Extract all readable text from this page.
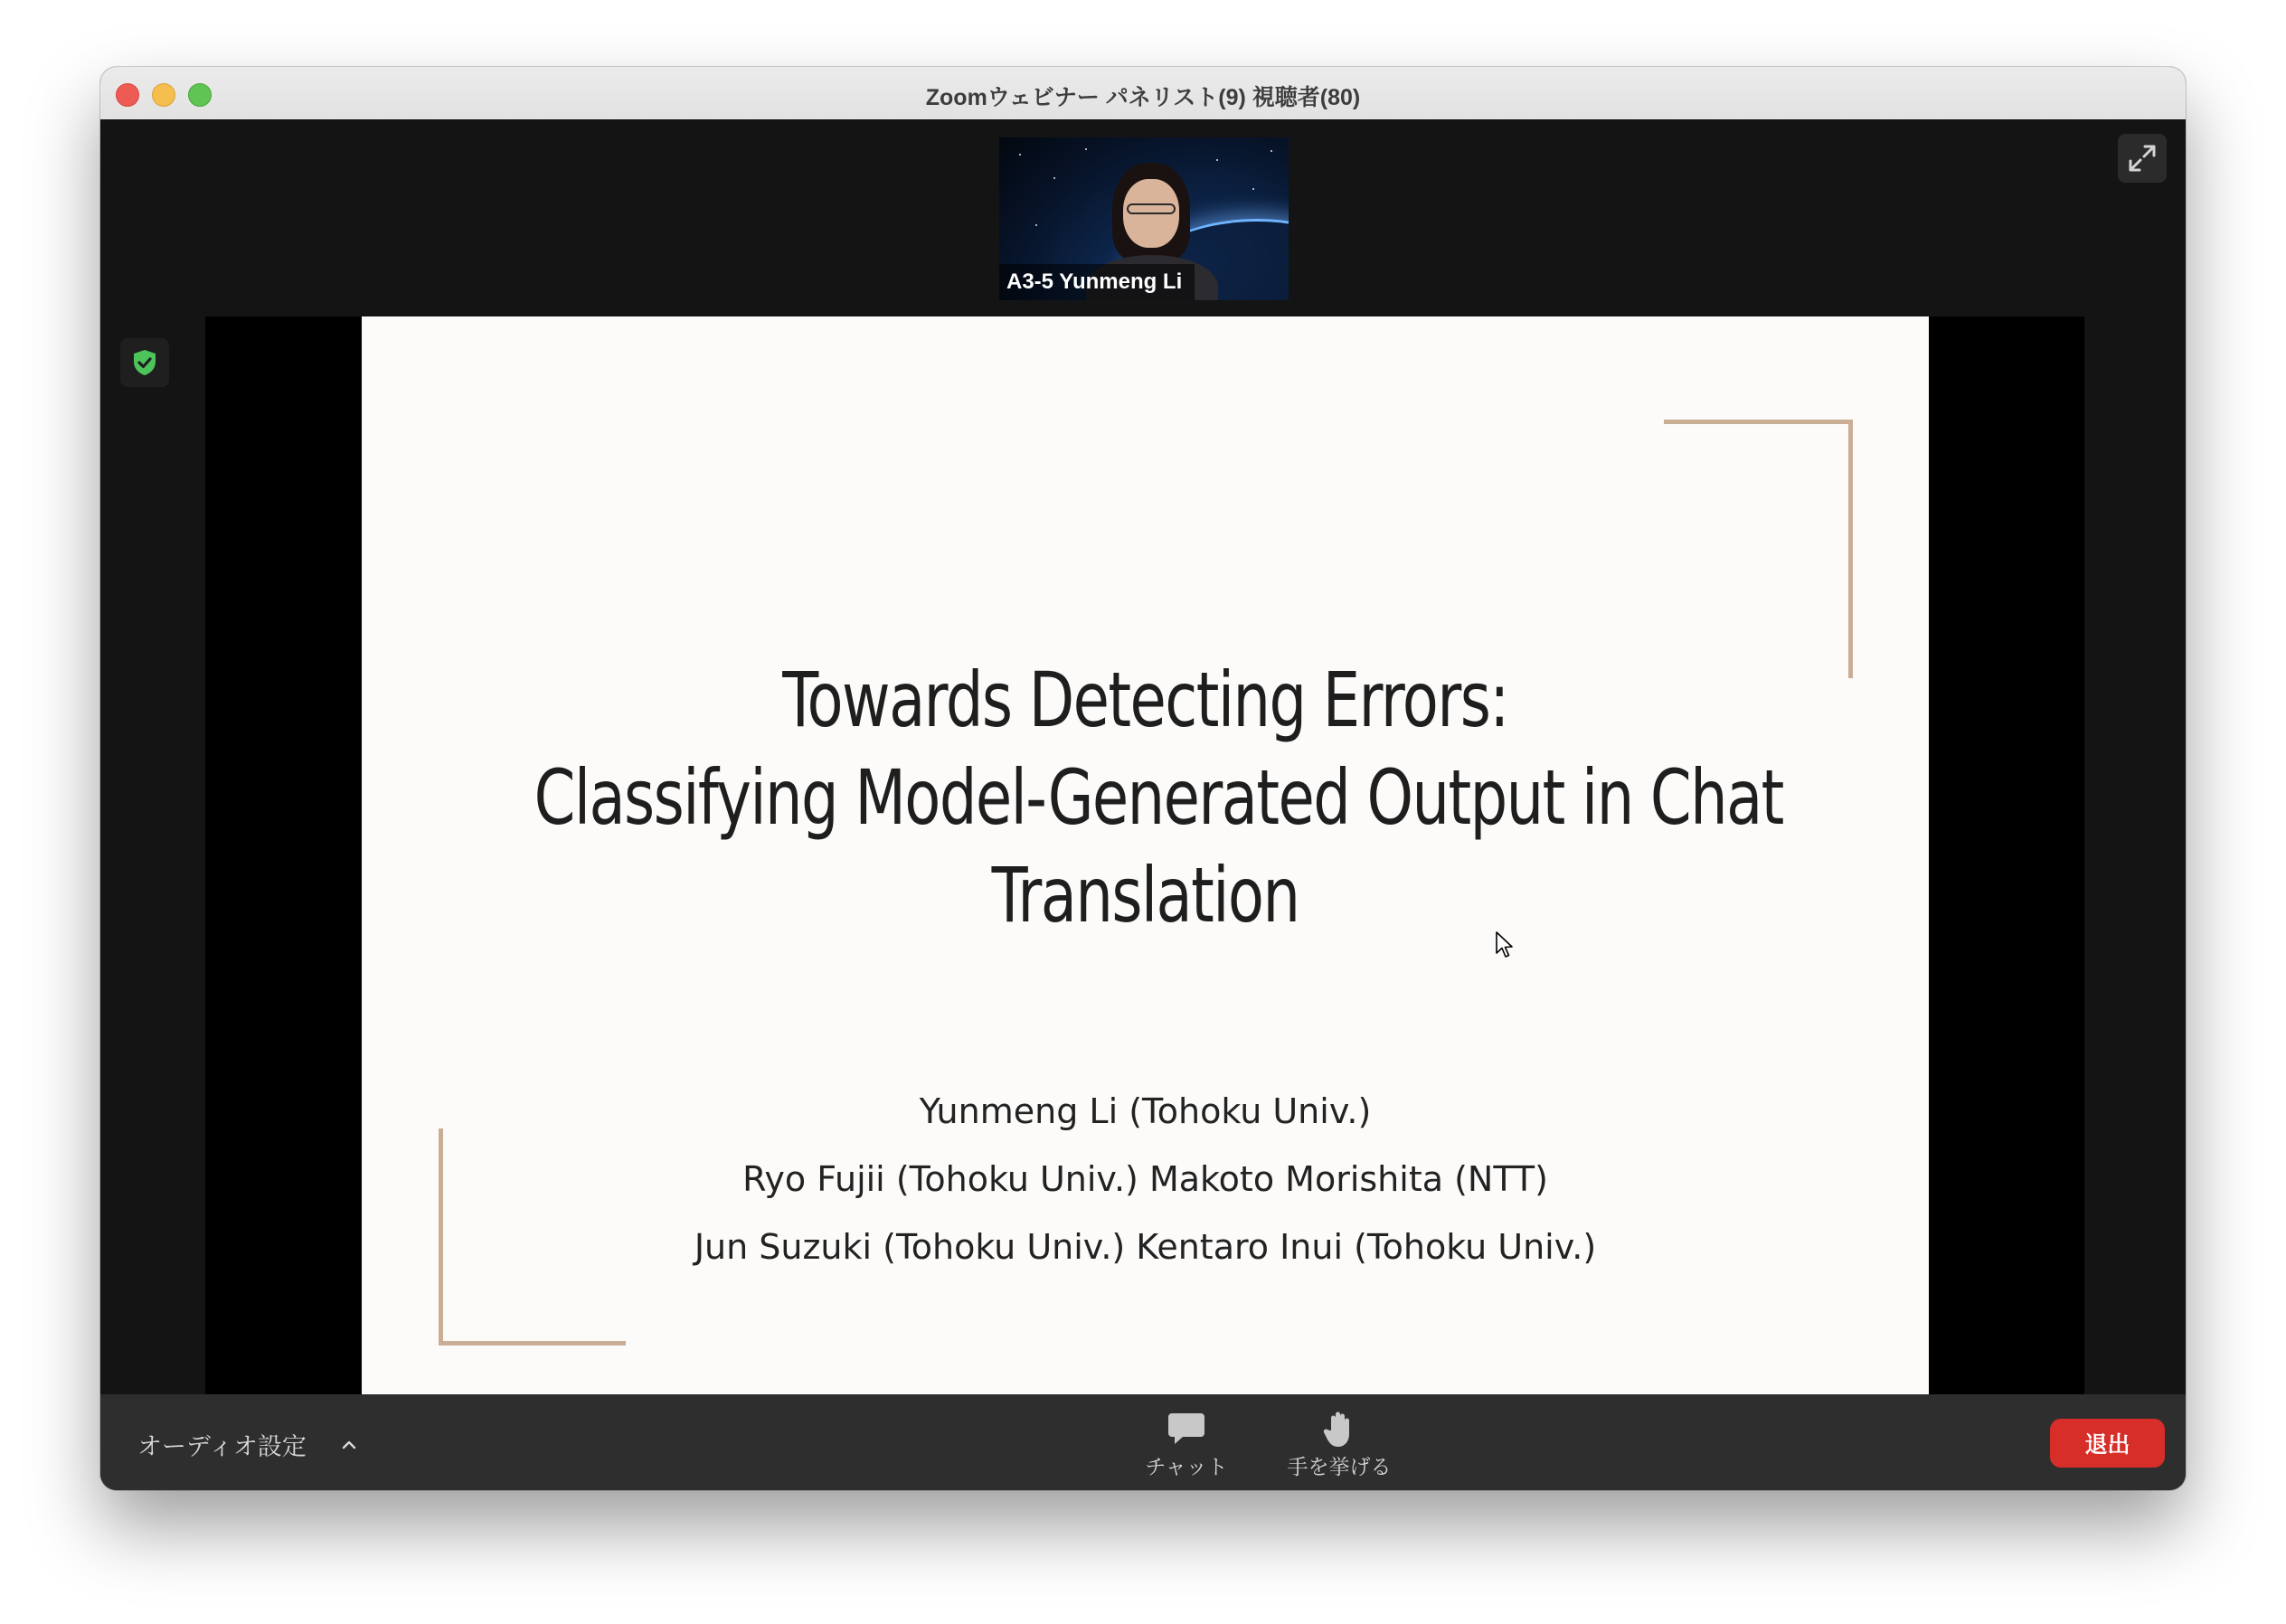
Zoomウェビナー パネリスト(9) 視聴者(80)
A3-5 Yunmeng Li
Towards Detecting Errors:
Classifying Model-Generated Output in Chat
Translation
Yunmeng Li (Tohoku Univ.)
Ryo Fujii (Tohoku Univ.) Makoto Morishita (NTT)
Jun Suzuki (Tohoku Univ.) Kentaro Inui (Tohoku Univ.)
オーディオ設定
チャット	手を挙げる
退出
